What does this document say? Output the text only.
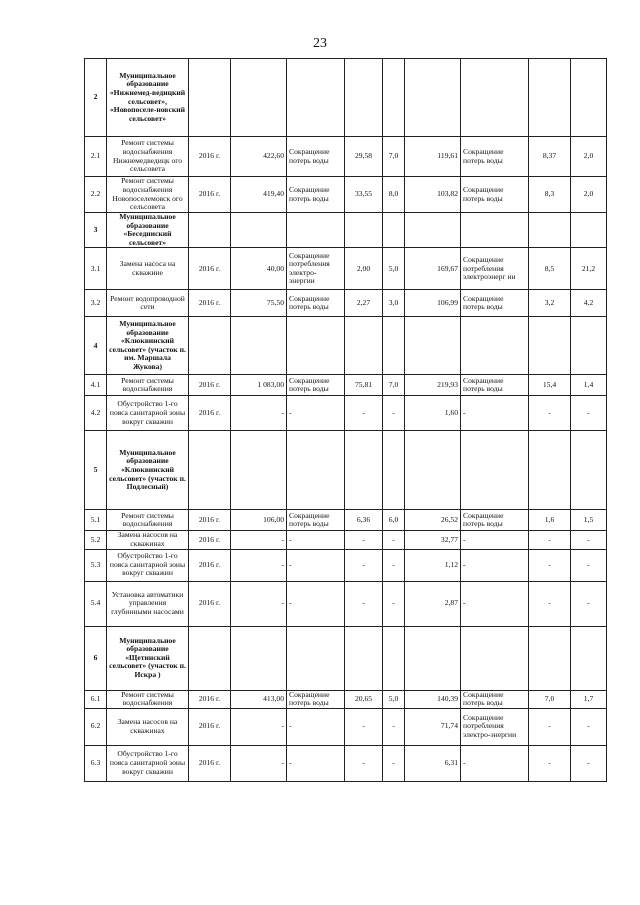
23
2	Муниципальное образование «Нижнемед-ведицкий сельсовет», «Новопоселе-новский сельсовет»									
2.1	Ремонт системы водоснабжения Нижнемедведицк ого сельсовета	2016 г.	422,60	Сокращение потерь воды	29,58	7,0	119,61	Сокращение потерь воды	8,37	2,0
2.2	Ремонт системы водоснабжения Новопоселемовск ого сельсовета	2016 г.	419,40	Сокращение потерь воды	33,55	8,0	103,82	Сокращение потерь воды	8,3	2,0
3	Муниципальное образование «Беседииский сельсовет»									
3.1	Замена насоса на скважине	2016 г.	40,00	Сокращение потребления электро-энергии	2,00	5,0	169,67	Сокращение потребления электроэнерг ии	8,5	21,2
3.2	Ремонт водопроводной сети	2016 г.	75,50	Сокращение потерь воды	2,27	3,0	106,99	Сокращение потерь воды	3,2	4,2
4	Муниципальное образование «Клюквинский сельсовет» (участок п. им. Маршала Жукова)									
4.1	Ремонт системы водоснабжения	2016 г.	1 083,00	Сокращение потерь воды	75,81	7,0	219,93	Сокращение потерь воды	15,4	1,4
4.2	Обустройство 1-го пояса санитарной зоны вокруг скважин	2016 г.	-	-	-	-	1,60	-	-	-
5	Муниципальное образование «Клюквинский сельсовет» (участок п. Подлесный)									
5.1	Ремонт системы водоснабжения	2016 г.	106,00	Сокращение потерь воды	6,36	6,0	26,52	Сокращение потерь воды	1,6	1,5
5.2	Замена насосов на скважинах	2016 г.	-	-	-	-	32,77	-	-	-
5.3	Обустройство 1-го пояса санитарной зоны вокруг скважин	2016 г.	-	-	-	-	1,12	-	-	-
5.4	Установка автоматики управления глубинными насосами	2016 г.	-	-	-	-	2,87	-	-	-
6	Муниципальное образование «Щетинский сельсовет» (участок п. Искра )									
6.1	Ремонт системы водоснабжения	2016 г.	413,00	Сокращение потерь воды	20,65	5,0	140,39	Сокращение потерь воды	7,0	1,7
6.2	Замена насосов на скважинах	2016 г.	-	-	-	-	71,74	Сокращение потребления электро-энергии	-	-
6.3	Обустройство 1-го пояса санитарной зоны вокруг скважин	2016 г.	-	-	-	-	6,31	-	-	-
